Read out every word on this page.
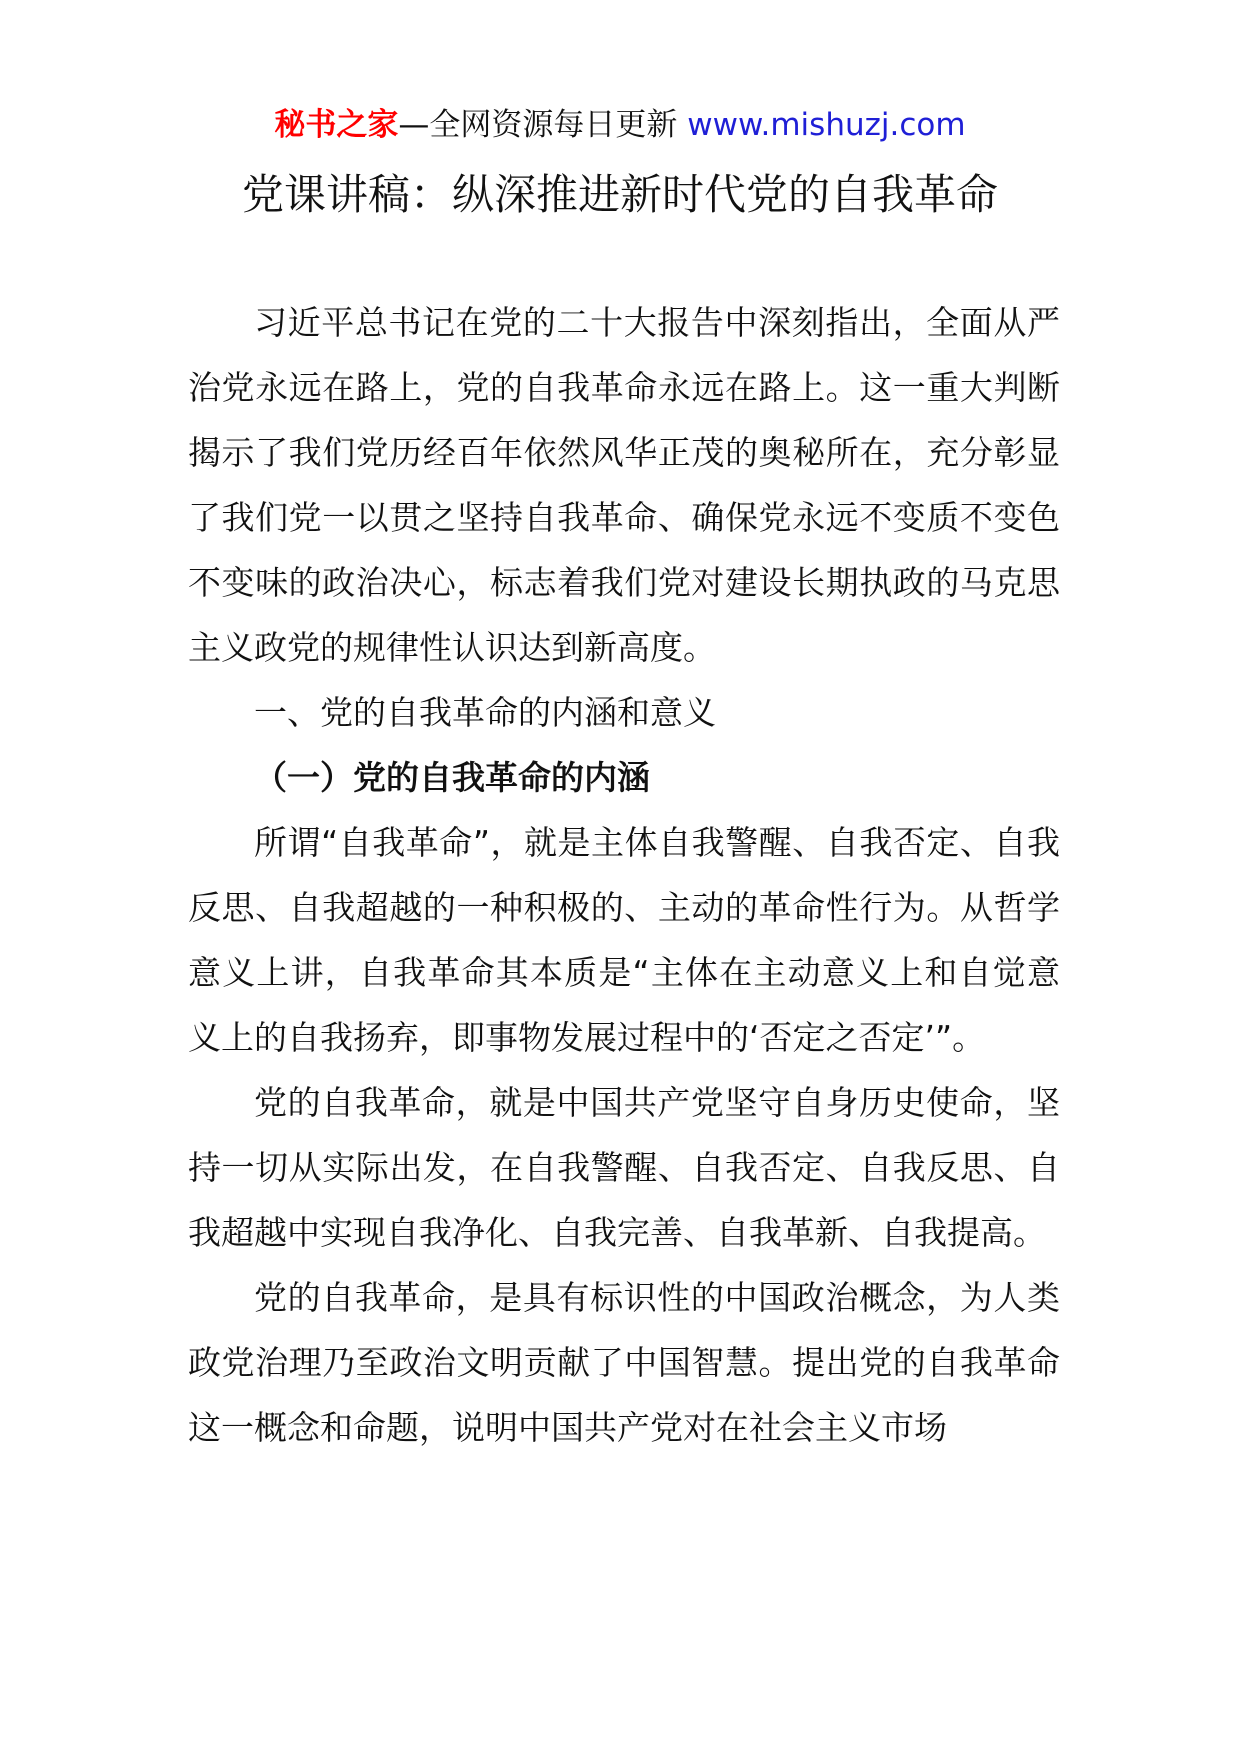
秘书之家—全网资源每日更新 www.mishuzj.com
党课讲稿：纵深推进新时代党的自我革命

习近平总书记在党的二十大报告中深刻指出，全面从严治党永远在路上，党的自我革命永远在路上。这一重大判断揭示了我们党历经百年依然风华正茂的奥秘所在，充分彰显了我们党一以贯之坚持自我革命、确保党永远不变质不变色不变味的政治决心，标志着我们党对建设长期执政的马克思主义政党的规律性认识达到新高度。

一、党的自我革命的内涵和意义

（一）党的自我革命的内涵

所谓“自我革命”，就是主体自我警醒、自我否定、自我反思、自我超越的一种积极的、主动的革命性行为。从哲学意义上讲，自我革命其本质是“主体在主动意义上和自觉意义上的自我扬弃，即事物发展过程中的‘否定之否定’”。

党的自我革命，就是中国共产党坚守自身历史使命，坚持一切从实际出发，在自我警醒、自我否定、自我反思、自我超越中实现自我净化、自我完善、自我革新、自我提高。

党的自我革命，是具有标识性的中国政治概念，为人类政党治理乃至政治文明贡献了中国智慧。提出党的自我革命这一概念和命题，说明中国共产党对在社会主义市场
